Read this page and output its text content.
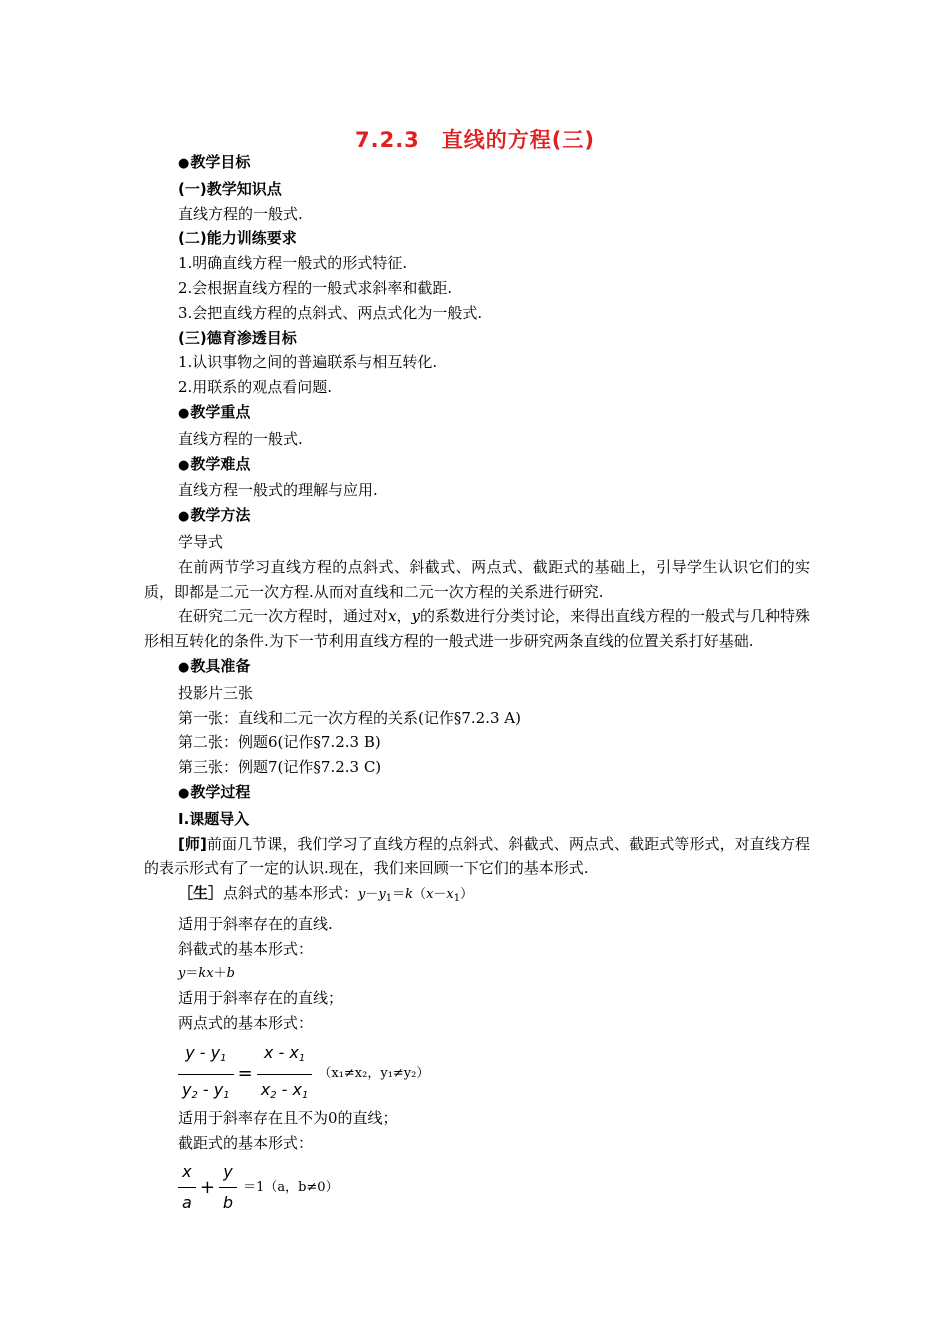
7.2.3　直线的方程(三)

●教学目标

(一)教学知识点

直线方程的一般式.

(二)能力训练要求

1.明确直线方程一般式的形式特征.

2.会根据直线方程的一般式求斜率和截距.

3.会把直线方程的点斜式、两点式化为一般式.

(三)德育渗透目标

1.认识事物之间的普遍联系与相互转化.

2.用联系的观点看问题.

●教学重点

直线方程的一般式.

●教学难点

直线方程一般式的理解与应用.

●教学方法

学导式

在前两节学习直线方程的点斜式、斜截式、两点式、截距式的基础上，引导学生认识它们的实质，即都是二元一次方程.从而对直线和二元一次方程的关系进行研究.

在研究二元一次方程时，通过对x，y的系数进行分类讨论，来得出直线方程的一般式与几种特殊形相互转化的条件.为下一节利用直线方程的一般式进一步研究两条直线的位置关系打好基础.

●教具准备

投影片三张

第一张：直线和二元一次方程的关系(记作§7.2.3 A)

第二张：例题6(记作§7.2.3 B)

第三张：例题7(记作§7.2.3 C)

●教学过程

Ⅰ.课题导入

[师]前面几节课，我们学习了直线方程的点斜式、斜截式、两点式、截距式等形式，对直线方程的表示形式有了一定的认识.现在，我们来回顾一下它们的基本形式.

［生］点斜式的基本形式：$y-y_1=k(x-x_1)$

适用于斜率存在的直线.

斜截式的基本形式：

y＝kx＋b

适用于斜率存在的直线；

两点式的基本形式：

$\frac{y - y_1}{y_2 - y_1} = \frac{x - x_1}{x_2 - x_1} (x_1\ne x_2$，y₁≠y₂）

适用于斜率存在且不为0的直线；

截距式的基本形式：

$\frac{x}{a} + \frac{y}{b} =1(a$，b≠0）
